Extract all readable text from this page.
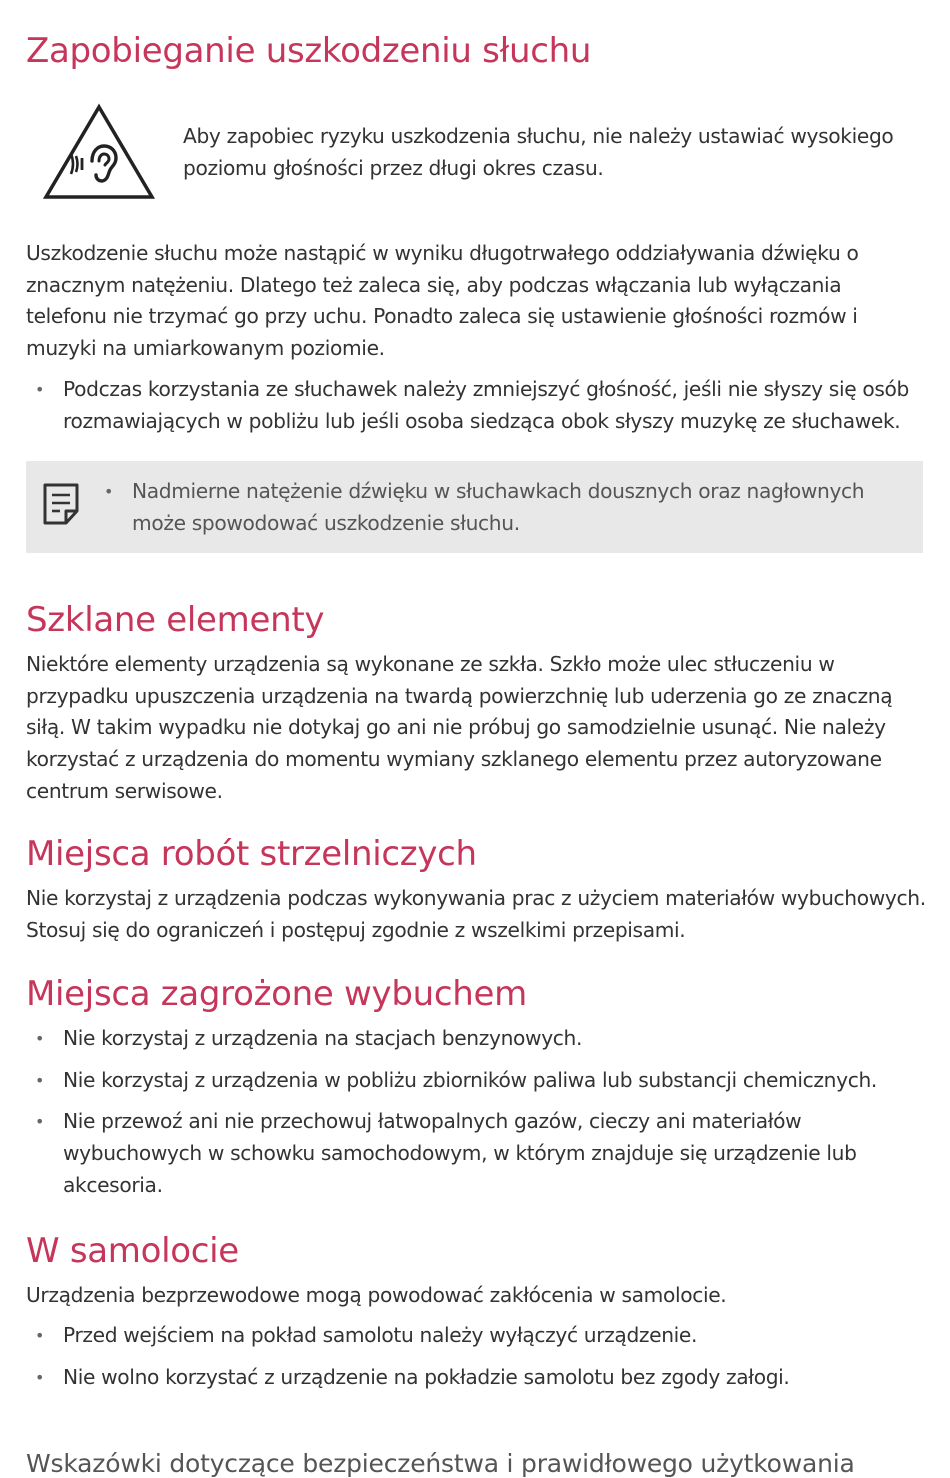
Zapobieganie uszkodzeniu słuchu
Aby zapobiec ryzyku uszkodzenia słuchu, nie należy ustawiać wysokiego poziomu głośności przez długi okres czasu.

Uszkodzenie słuchu może nastąpić w wyniku długotrwałego oddziaływania dźwięku o znacznym natężeniu. Dlatego też zaleca się, aby podczas włączania lub wyłączania telefonu nie trzymać go przy uchu. Ponadto zaleca się ustawienie głośności rozmów i muzyki na umiarkowanym poziomie.

• Podczas korzystania ze słuchawek należy zmniejszyć głośność, jeśli nie słyszy się osób rozmawiających w pobliżu lub jeśli osoba siedząca obok słyszy muzykę ze słuchawek.
• Nadmierne natężenie dźwięku w słuchawkach dousznych oraz nagłownych może spowodować uszkodzenie słuchu.
Szklane elementy

Niektóre elementy urządzenia są wykonane ze szkła. Szkło może ulec stłuczeniu w przypadku upuszczenia urządzenia na twardą powierzchnię lub uderzenia go ze znaczną siłą. W takim wypadku nie dotykaj go ani nie próbuj go samodzielnie usunąć. Nie należy korzystać z urządzenia do momentu wymiany szklanego elementu przez autoryzowane centrum serwisowe.

Miejsca robót strzelniczych

Nie korzystaj z urządzenia podczas wykonywania prac z użyciem materiałów wybuchowych. Stosuj się do ograniczeń i postępuj zgodnie z wszelkimi przepisami.

Miejsca zagrożone wybuchem
• Nie korzystaj z urządzenia na stacjach benzynowych.
• Nie korzystaj z urządzenia w pobliżu zbiorników paliwa lub substancji chemicznych.
• Nie przewoź ani nie przechowuj łatwopalnych gazów, cieczy ani materiałów wybuchowych w schowku samochodowym, w którym znajduje się urządzenie lub akcesoria.
W samolocie

Urządzenia bezprzewodowe mogą powodować zakłócenia w samolocie.

• Przed wejściem na pokład samolotu należy wyłączyć urządzenie.
• Nie wolno korzystać z urządzenie na pokładzie samolotu bez zgody załogi.
Wskazówki dotyczące bezpieczeństwa i prawidłowego użytkowania
